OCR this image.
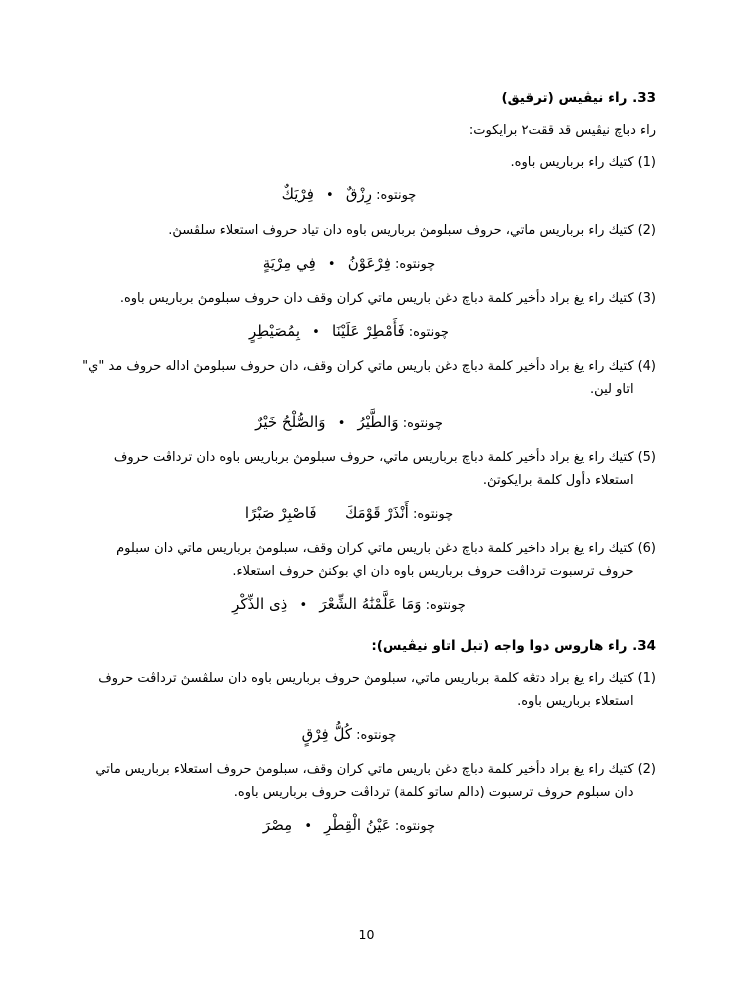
33. راء نيڤيس (ترقيق)

راء دباچ نيڤيس قد ققت٢ برايكوت:

(1)
كتيك راء برباريس باوه.
چونتوه: رِزْقٌ • فِرْيَكٌ
(2)
كتيك راء برباريس ماتي، حروف سبلومڽ برباريس باوه دان تياد حروف استعلاء سلڤسڽ.
چونتوه: فِرْعَوْنُ • فِي مِرْيَةٍ
(3)
كتيك راء يغ براد دأخير كلمة دباچ دغن باريس ماتي كران وقف دان حروف سبلومڽ برباريس باوه.
چونتوه: فَأَمْطِرْ عَلَيْنَا • بِمُصَيْطِرٍ
(4)
كتيك راء يغ براد دأخير كلمة دباچ دغن باريس ماتي كران وقف، دان حروف سبلومڽ اداله حروف مد "ي" اتاو لين.
چونتوه: وَالطَّيْرُ • وَالصُّلْحُ خَيْرٌ
(5)
كتيك راء يغ براد دأخير كلمة دباچ برباريس ماتي، حروف سبلومڽ برباريس باوه دان ترداڤت حروف استعلاء دأول كلمة برايكوتڽ.
چونتوه: أَنْذَرْ قَوْمَكَ   فَاصْبِرْ صَبْرًا
(6)
كتيك راء يغ براد داخير كلمة دباچ دغن باريس ماتي كران وقف، سبلومڽ برباريس ماتي دان سبلوم حروف ترسبوت ترداڤت حروف برباريس باوه دان اي بوكنڽ حروف استعلاء.
چونتوه: وَمَا عَلَّمْنَٰهُ الشِّعْرَ • ذِى الذِّكْرِ
34. راء هاروس دوا واجه (تبل اتاو نيڤيس):
(1)
كتيك راء يغ براد دتڠه كلمة برباريس ماتي، سبلومڽ حروف برباريس باوه دان سلڤسڽ ترداڤت حروف استعلاء برباريس باوه.
چونتوه: كُلُّ فِرْقٍ
(2)
كتيك راء يغ براد دأخير كلمة دباچ دغن باريس ماتي كران وقف، سبلومڽ حروف استعلاء برباريس ماتي دان سبلوم حروف ترسبوت (دالم ساتو كلمة) ترداڤت حروف برباريس باوه.
چونتوه: عَيْنُ الْقِطْرِ • مِصْرَ
10
